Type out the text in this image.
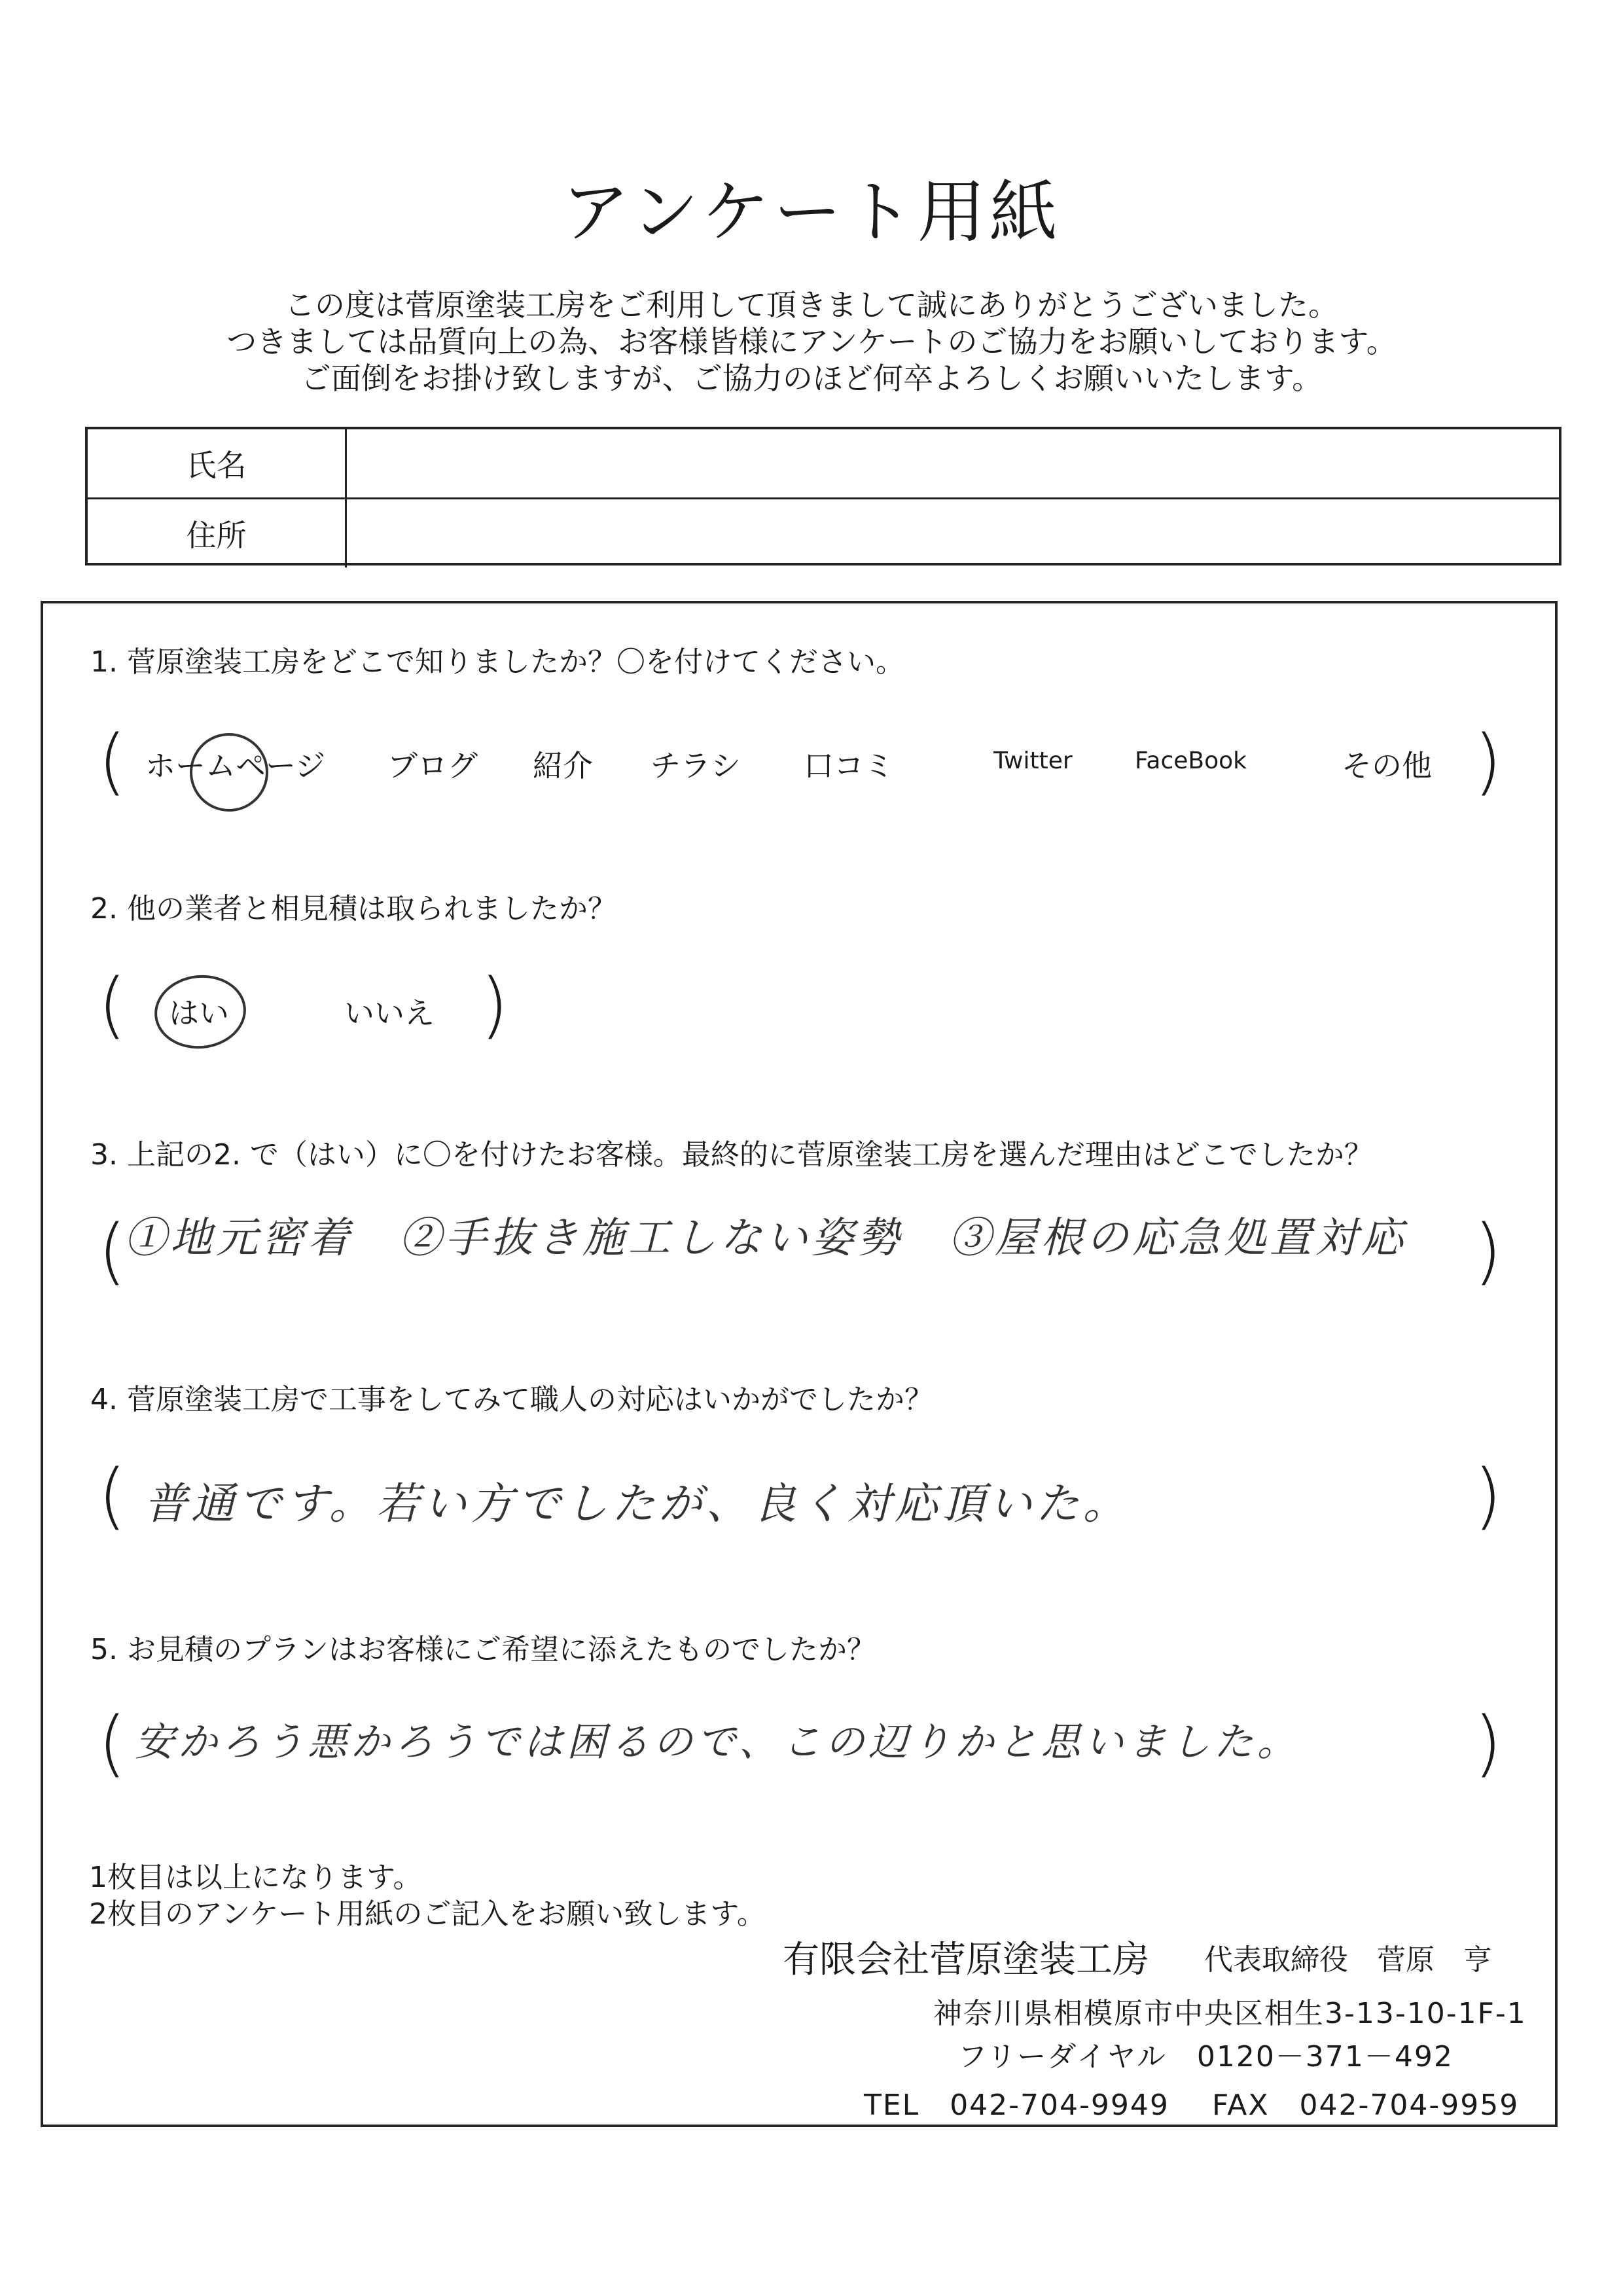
アンケート用紙
この度は菅原塗装工房をご利用して頂きまして誠にありがとうございました。
つきましては品質向上の為、お客様皆様にアンケートのご協力をお願いしております。
ご面倒をお掛け致しますが、ご協力のほど何卒よろしくお願いいたします。
氏名
住所
1. 菅原塗装工房をどこで知りましたか？〇を付けてください。
(	)
ホームページ ブログ 紹介 チラシ 口コミ	Twitter	FaceBook	その他
2. 他の業者と相見積は取られましたか？
(	)
はい	いいえ
3. 上記の2. で（はい）に〇を付けたお客様。最終的に菅原塗装工房を選んだ理由はどこでしたか？
(	)
①地元密着　②手抜き施工しない姿勢　③屋根の応急処置対応
4. 菅原塗装工房で工事をしてみて職人の対応はいかがでしたか？
(	)
普通です。若い方でしたが、良く対応頂いた。
5. お見積のプランはお客様にご希望に添えたものでしたか？
(	)
安かろう悪かろうでは困るので、この辺りかと思いました。
1枚目は以上になります。
2枚目のアンケート用紙のご記入をお願い致します。
有限会社菅原塗装工房 代表取締役　菅原　亨
神奈川県相模原市中央区相生3-13-10-1F-1
フリーダイヤル　0120－371－492
TEL　042-704-9949 FAX　042-704-9959
